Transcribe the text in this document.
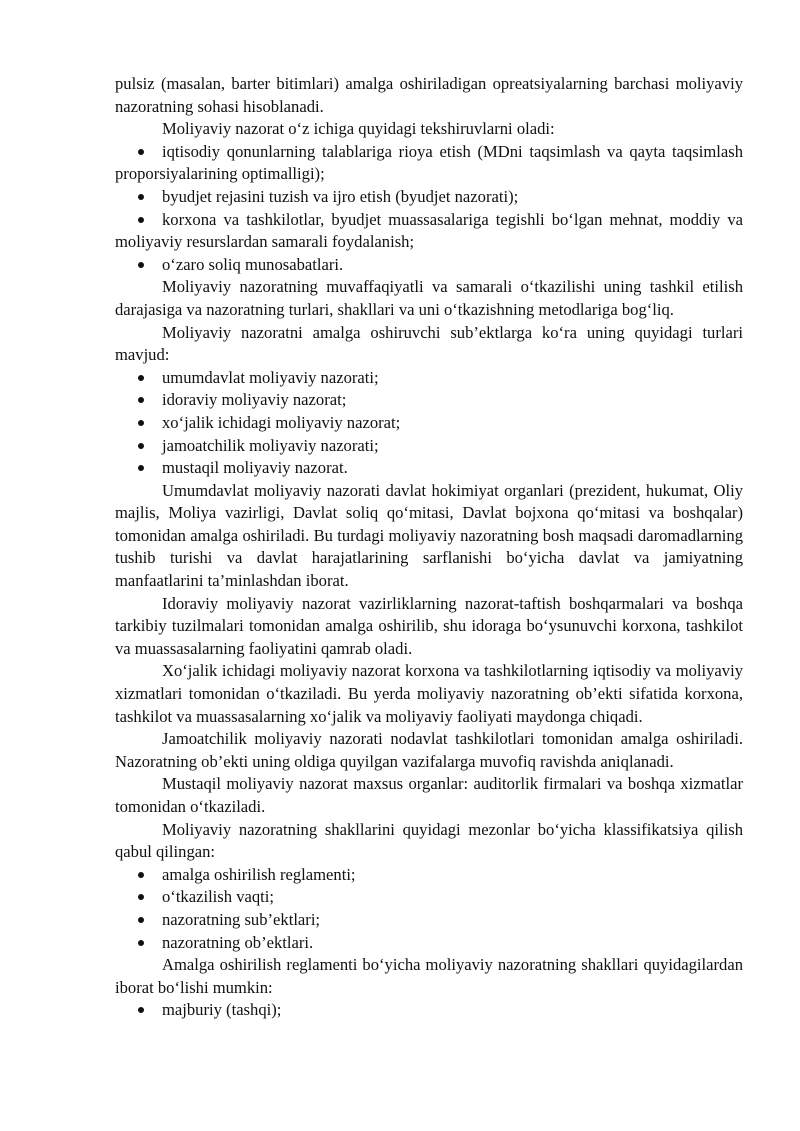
pulsiz (masalan, barter bitimlari) amalga oshiriladigan opreatsiyalarning barchasi moliyaviy nazoratning sohasi hisoblanadi.

Moliyaviy nazorat o‘z ichiga quyidagi tekshiruvlarni oladi:

iqtisodiy qonunlarning talablariga rioya etish (MDni taqsimlash va qayta taqsimlash proporsiyalarining optimalligi);
byudjet rejasini tuzish va ijro etish (byudjet nazorati);
korxona va tashkilotlar, byudjet muassasalariga tegishli bo‘lgan mehnat, moddiy va moliyaviy resurslardan samarali foydalanish;
o‘zaro soliq munosabatlari.

Moliyaviy nazoratning muvaffaqiyatli va samarali o‘tkazilishi uning tashkil etilish darajasiga va nazoratning turlari, shakllari va uni o‘tkazishning metodlariga bog‘liq.

Moliyaviy nazoratni amalga oshiruvchi sub’ektlarga ko‘ra uning quyidagi turlari mavjud:

umumdavlat moliyaviy nazorati;
idoraviy moliyaviy nazorat;
xo‘jalik ichidagi moliyaviy nazorat;
jamoatchilik moliyaviy nazorati;
mustaqil moliyaviy nazorat.

Umumdavlat moliyaviy nazorati davlat hokimiyat organlari (prezident, hukumat, Oliy majlis, Moliya vazirligi, Davlat soliq qo‘mitasi, Davlat bojxona qo‘mitasi va boshqalar) tomonidan amalga oshiriladi. Bu turdagi moliyaviy nazoratning bosh maqsadi daromadlarning tushib turishi va davlat harajatlarining sarflanishi bo‘yicha davlat va jamiyatning manfaatlarini ta’minlashdan iborat.

Idoraviy moliyaviy nazorat vazirliklarning nazorat-taftish boshqarmalari va boshqa tarkibiy tuzilmalari tomonidan amalga oshirilib, shu idoraga bo‘ysunuvchi korxona, tashkilot va muassasalarning faoliyatini qamrab oladi.

Xo‘jalik ichidagi moliyaviy nazorat korxona va tashkilotlarning iqtisodiy va moliyaviy xizmatlari tomonidan o‘tkaziladi. Bu yerda moliyaviy nazoratning ob’ekti sifatida korxona, tashkilot va muassasalarning xo‘jalik va moliyaviy faoliyati maydonga chiqadi.

Jamoatchilik moliyaviy nazorati nodavlat tashkilotlari tomonidan amalga oshiriladi. Nazoratning ob’ekti uning oldiga quyilgan vazifalarga muvofiq ravishda aniqlanadi.

Mustaqil moliyaviy nazorat maxsus organlar: auditorlik firmalari va boshqa xizmatlar tomonidan o‘tkaziladi.

Moliyaviy nazoratning shakllarini quyidagi mezonlar bo‘yicha klassifikatsiya qilish qabul qilingan:

amalga oshirilish reglamenti;
o‘tkazilish vaqti;
nazoratning sub’ektlari;
nazoratning ob’ektlari.

Amalga oshirilish reglamenti bo‘yicha moliyaviy nazoratning shakllari quyidagilardan iborat bo‘lishi mumkin:

majburiy (tashqi);
